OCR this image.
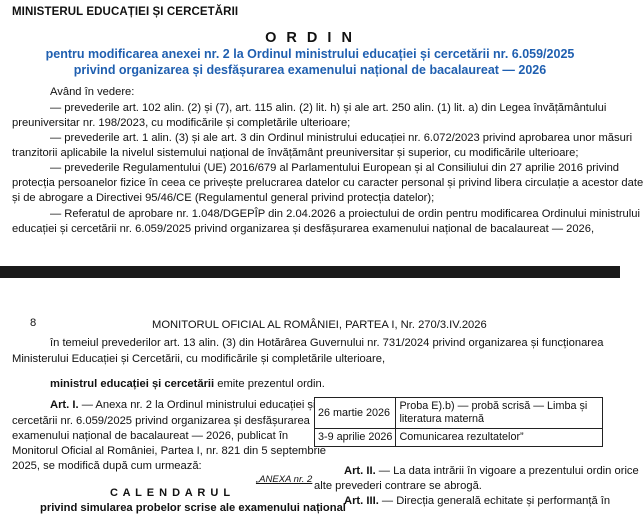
MINISTERUL EDUCAȚIEI ȘI CERCETĂRII
O R D I N
pentru modificarea anexei nr. 2 la Ordinul ministrului educației și cercetării nr. 6.059/2025
privind organizarea și desfășurarea examenului național de bacalaureat — 2026
Având în vedere:
— prevederile art. 102 alin. (2) și (7), art. 115 alin. (2) lit. h) și ale art. 250 alin. (1) lit. a) din Legea învățământului
preuniversitar nr. 198/2023, cu modificările și completările ulterioare;
— prevederile art. 1 alin. (3) și ale art. 3 din Ordinul ministrului educației nr. 6.072/2023 privind aprobarea unor măsuri
tranzitorii aplicabile la nivelul sistemului național de învățământ preuniversitar și superior, cu modificările ulterioare;
— prevederile Regulamentului (UE) 2016/679 al Parlamentului European și al Consiliului din 27 aprilie 2016 privind
protecția persoanelor fizice în ceea ce privește prelucrarea datelor cu caracter personal și privind libera circulație a acestor date
și de abrogare a Directivei 95/46/CE (Regulamentul general privind protecția datelor);
— Referatul de aprobare nr. 1.048/DGEPÎP din 2.04.2026 a proiectului de ordin pentru modificarea Ordinului ministrului
educației și cercetării nr. 6.059/2025 privind organizarea și desfășurarea examenului național de bacalaureat — 2026,
8	MONITORUL OFICIAL AL ROMÂNIEI, PARTEA I, Nr. 270/3.IV.2026
în temeiul prevederilor art. 13 alin. (3) din Hotărârea Guvernului nr. 731/2024 privind organizarea și funcționarea
Ministerului Educației și Cercetării, cu modificările și completările ulterioare,
ministrul educației și cercetării emite prezentul ordin.
Art. I. — Anexa nr. 2 la Ordinul ministrului educației și
cercetării nr. 6.059/2025 privind organizarea și desfășurarea
examenului național de bacalaureat — 2026, publicat în
Monitorul Oficial al României, Partea I, nr. 821 din 5 septembrie
2025, se modifică după cum urmează:
„ANEXA nr. 2
C A L E N D A R U L
privind simularea probelor scrise ale examenului național
26 martie 2026	Proba E).b) — probă scrisă — Limba și literatura maternă
3-9 aprilie 2026	Comunicarea rezultatelor”
Art. II. — La data intrării în vigoare a prezentului ordin orice
alte prevederi contrare se abrogă.
Art. III. — Direcția generală echitate și performanță în
